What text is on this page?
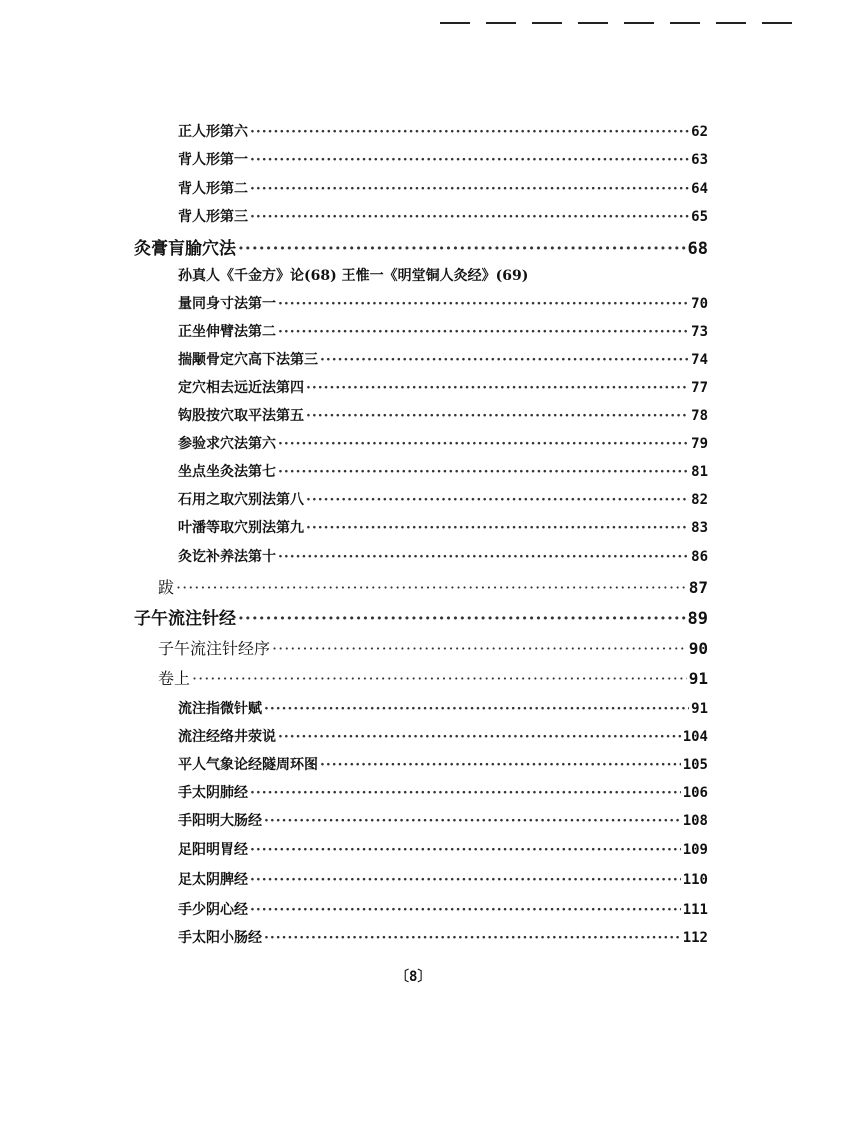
正人形第六 ·····	62
背人形第一 ·····	63
背人形第二 ·····	64
背人形第三 ·····	65
灸膏肓腧穴法 ·····	68
孙真人《千金方》论(68) 王惟一《明堂铜人灸经》(69)
量同身寸法第一 ·····	70
正坐伸臂法第二 ·····	73
揣颙骨定穴高下法第三 ·····	74
定穴相去远近法第四 ·····	77
钩股按穴取平法第五 ·····	78
参验求穴法第六 ·····	79
坐点坐灸法第七 ·····	81
石用之取穴别法第八 ·····	82
叶潘等取穴别法第九 ·····	83
灸讫补养法第十 ·····	86
跋 ·····	87
子午流注针经 ·····	89
子午流注针经序 ·····	90
卷上 ·····	91
流注指微针赋 ·····	91
流注经络井荥说 ·····	104
平人气象论经隧周环图 ·····	105
手太阴肺经 ·····	106
手阳明大肠经 ·····	108
足阳明胃经 ·····	109
足太阴脾经 ·····	110
手少阴心经 ·····	111
手太阳小肠经 ·····	112
〔8〕
